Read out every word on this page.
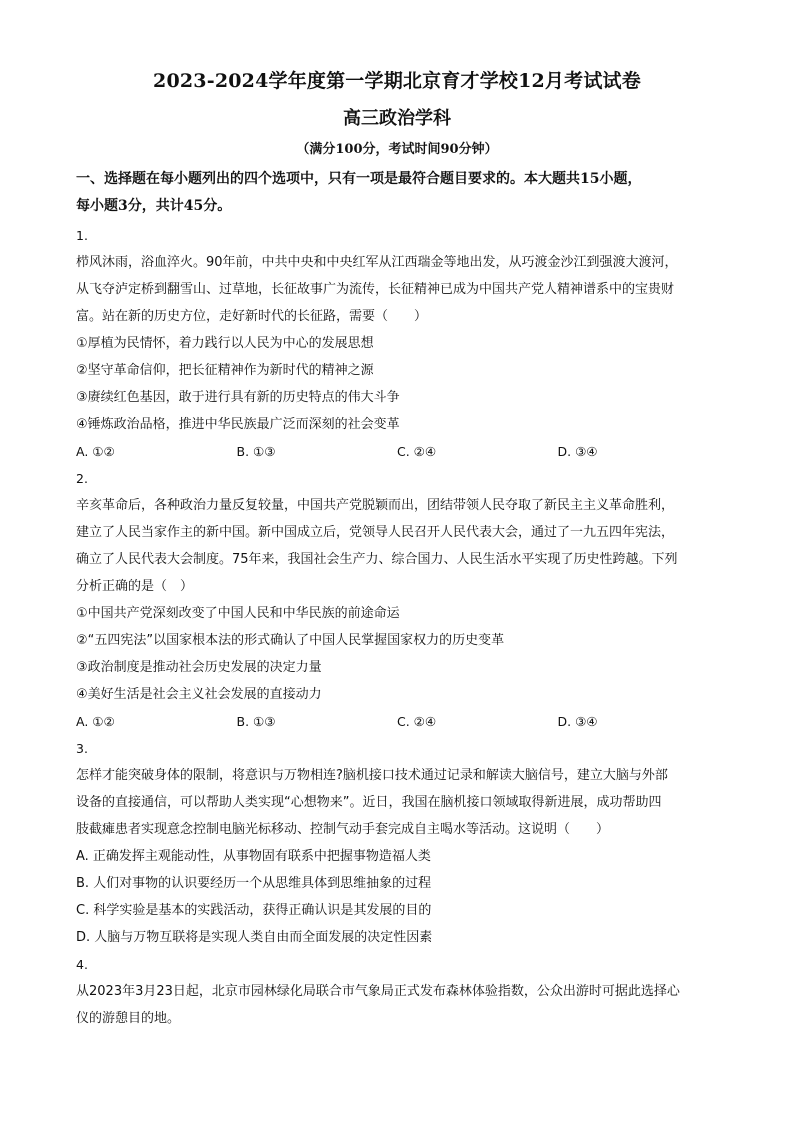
2023-2024学年度第一学期北京育才学校12月考试试卷
高三政治学科
（满分100分，考试时间90分钟）
一、选择题在每小题列出的四个选项中，只有一项是最符合题目要求的。本大题共15小题，
每小题3分，共计45分。
1.
栉风沐雨，浴血淬火。90年前，中共中央和中央红军从江西瑞金等地出发，从巧渡金沙江到强渡大渡河，
从飞夺泸定桥到翻雪山、过草地，长征故事广为流传，长征精神已成为中国共产党人精神谱系中的宝贵财
富。站在新的历史方位，走好新时代的长征路，需要（　　）
①厚植为民情怀，着力践行以人民为中心的发展思想
②坚守革命信仰，把长征精神作为新时代的精神之源
③赓续红色基因，敢于进行具有新的历史特点的伟大斗争
④锤炼政治品格，推进中华民族最广泛而深刻的社会变革
A. ①②	B. ①③	C. ②④	D. ③④
2.
辛亥革命后，各种政治力量反复较量，中国共产党脱颖而出，团结带领人民夺取了新民主主义革命胜利，
建立了人民当家作主的新中国。新中国成立后，党领导人民召开人民代表大会，通过了一九五四年宪法，
确立了人民代表大会制度。75年来，我国社会生产力、综合国力、人民生活水平实现了历史性跨越。下列
分析正确的是（　）
①中国共产党深刻改变了中国人民和中华民族的前途命运
②“五四宪法”以国家根本法的形式确认了中国人民掌握国家权力的历史变革
③政治制度是推动社会历史发展的决定力量
④美好生活是社会主义社会发展的直接动力
A. ①②	B. ①③	C. ②④	D. ③④
3.
怎样才能突破身体的限制，将意识与万物相连?脑机接口技术通过记录和解读大脑信号，建立大脑与外部
设备的直接通信，可以帮助人类实现“心想物来”。近日，我国在脑机接口领域取得新进展，成功帮助四
肢截瘫患者实现意念控制电脑光标移动、控制气动手套完成自主喝水等活动。这说明（　　）
A. 正确发挥主观能动性，从事物固有联系中把握事物造福人类
B. 人们对事物的认识要经历一个从思维具体到思维抽象的过程
C. 科学实验是基本的实践活动，获得正确认识是其发展的目的
D. 人脑与万物互联将是实现人类自由而全面发展的决定性因素
4.
从2023年3月23日起，北京市园林绿化局联合市气象局正式发布森林体验指数，公众出游时可据此选择心
仪的游憩目的地。
